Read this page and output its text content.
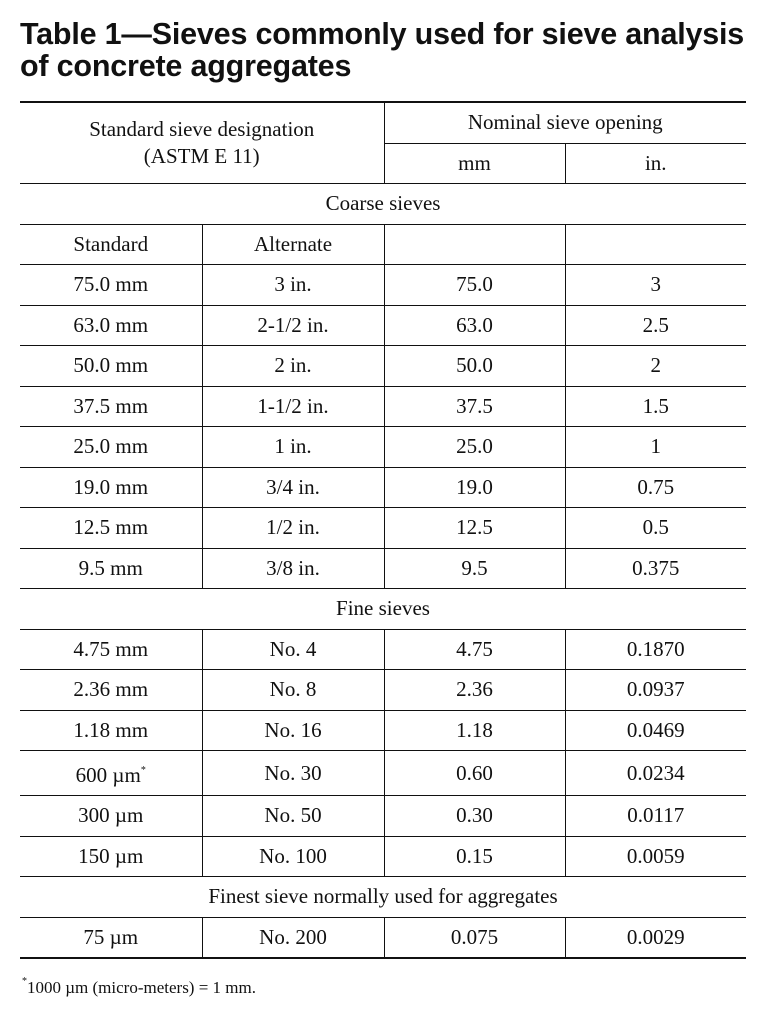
Table 1—Sieves commonly used for sieve analysis
of concrete aggregates
Standard sieve designation
(ASTM E 11)		Nominal sieve opening	
		mm	in.
Coarse sieves			
Standard	Alternate		
75.0 mm	3 in.	75.0	3
63.0 mm	2-1/2 in.	63.0	2.5
50.0 mm	2 in.	50.0	2
37.5 mm	1-1/2 in.	37.5	1.5
25.0 mm	1 in.	25.0	1
19.0 mm	3/4 in.	19.0	0.75
12.5 mm	1/2 in.	12.5	0.5
9.5 mm	3/8 in.	9.5	0.375
Fine sieves			
4.75 mm	No. 4	4.75	0.1870
2.36 mm	No. 8	2.36	0.0937
1.18 mm	No. 16	1.18	0.0469
600 µm*	No. 30	0.60	0.0234
300 µm	No. 50	0.30	0.0117
150 µm	No. 100	0.15	0.0059
Finest sieve normally used for aggregates			
75 µm	No. 200	0.075	0.0029
*1000 µm (micro-meters) = 1 mm.
